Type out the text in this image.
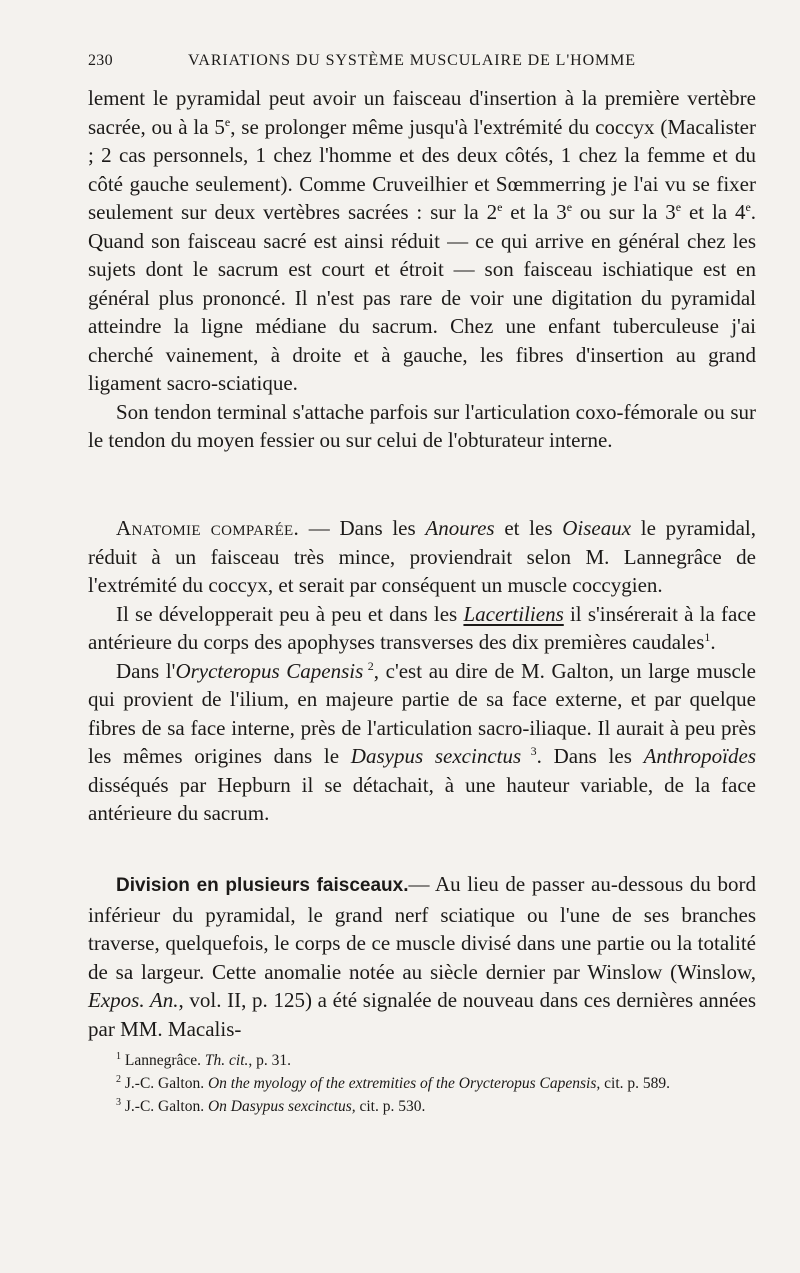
230	VARIATIONS DU SYSTÈME MUSCULAIRE DE L'HOMME

lement le pyramidal peut avoir un faisceau d'insertion à la première vertèbre sacrée, ou à la 5e, se prolonger même jusqu'à l'extrémité du coccyx (Macalister ; 2 cas personnels, 1 chez l'homme et des deux côtés, 1 chez la femme et du côté gauche seulement). Comme Cruveilhier et Sœmmerring je l'ai vu se fixer seulement sur deux vertèbres sacrées : sur la 2e et la 3e ou sur la 3e et la 4e. Quand son faisceau sacré est ainsi réduit — ce qui arrive en général chez les sujets dont le sacrum est court et étroit — son faisceau ischiatique est en général plus prononcé. Il n'est pas rare de voir une digitation du pyramidal atteindre la ligne médiane du sacrum. Chez une enfant tuberculeuse j'ai cherché vainement, à droite et à gauche, les fibres d'insertion au grand ligament sacro-sciatique.

Son tendon terminal s'attache parfois sur l'articulation coxo-fémorale ou sur le tendon du moyen fessier ou sur celui de l'obturateur interne.

Anatomie comparée. — Dans les Anoures et les Oiseaux le pyramidal, réduit à un faisceau très mince, proviendrait selon M. Lannegrâce de l'extrémité du coccyx, et serait par conséquent un muscle coccygien.

Il se développerait peu à peu et dans les Lacertiliens il s'insérerait à la face antérieure du corps des apophyses transverses des dix premières caudales$^1$.

Dans l'Orycteropus Capensis $^2$, c'est au dire de M. Galton, un large muscle qui provient de l'ilium, en majeure partie de sa face externe, et par quelque fibres de sa face interne, près de l'articulation sacro-iliaque. Il aurait à peu près les mêmes origines dans le Dasypus sexcinctus $^3$. Dans les Anthropoïdes disséqués par Hepburn il se détachait, à une hauteur variable, de la face antérieure du sacrum.

Division en plusieurs faisceaux.— Au lieu de passer au-dessous du bord inférieur du pyramidal, le grand nerf sciatique ou l'une de ses branches traverse, quelquefois, le corps de ce muscle divisé dans une partie ou la totalité de sa largeur. Cette anomalie notée au siècle dernier par Winslow (Winslow, Expos. An., vol. II, p. 125) a été signalée de nouveau dans ces dernières années par MM. Macalis-

$^1$ Lannegrâce. Th. cit., p. 31.

$^2$ J.-C. Galton. On the myology of the extremities of the Orycteropus Capensis, cit. p. 589.

$^3$ J.-C. Galton. On Dasypus sexcinctus, cit. p. 530.
